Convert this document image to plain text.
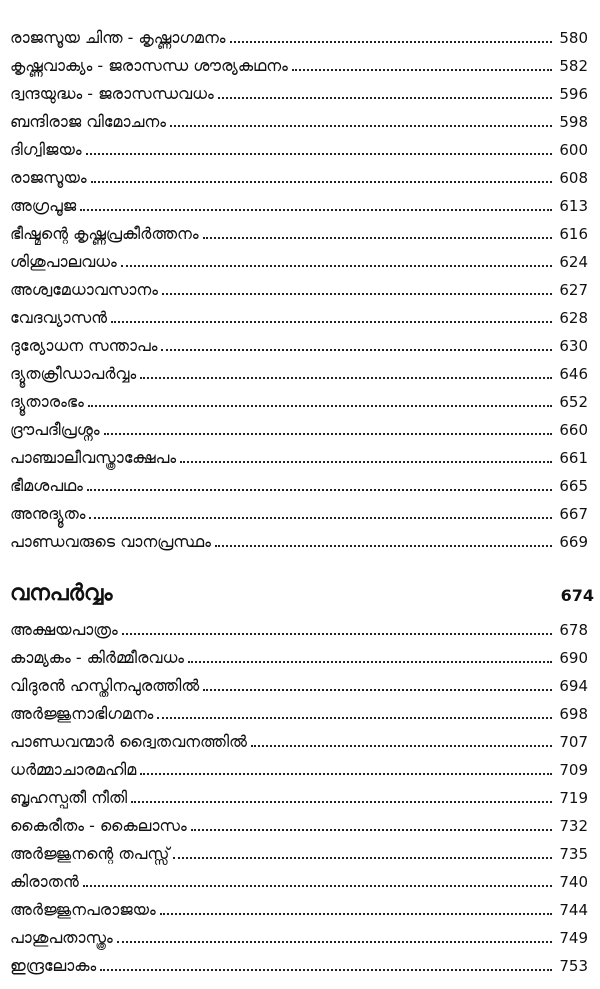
രാജസൂയ ചിന്ത - കൃഷ്ണാഗമനം	580
കൃഷ്ണവാക്യം - ജരാസന്ധ ശൗര്യകഥനം	582
ദ്വന്ദയുദ്ധം - ജരാസന്ധവധം	596
ബന്ദിരാജ വിമോചനം	598
ദിഗ്വിജയം	600
രാജസൂയം	608
അഗ്രപൂജ	613
ഭീഷ്മന്റെ കൃഷ്ണപ്രകീർത്തനം	616
ശിശുപാലവധം	624
അശ്വമേധാവസാനം	627
വേദവ്യാസൻ	628
ദുര്യോധന സന്താപം	630
ദ്യൂതക്രീഡാപർവ്വം	646
ദ്യൂതാരംഭം	652
ദ്രൗപദീപ്രശ്നം	660
പാഞ്ചാലീവസ്ത്രാക്ഷേപം	661
ഭീമശപഥം	665
അനുദ്യൂതം	667
പാണ്ഡവരുടെ വാനപ്രസ്ഥം	669
വനപർവ്വം	674
അക്ഷയപാത്രം	678
കാമ്യകം - കിർമ്മീരവധം	690
വിദുരൻ ഹസ്തിനപുരത്തിൽ	694
അർജ്ജുനാഭിഗമനം	698
പാണ്ഡവന്മാർ ദ്വൈതവനത്തിൽ	707
ധർമ്മാചാരമഹിമ	709
ബൃഹസ്പതീ നീതി	719
കൈരീതം - കൈലാസം	732
അർജ്ജുനന്റെ തപസ്സ്	735
കിരാതൻ	740
അർജ്ജുനപരാജയം	744
പാശുപതാസ്ത്രം	749
ഇന്ദ്രലോകം	753
